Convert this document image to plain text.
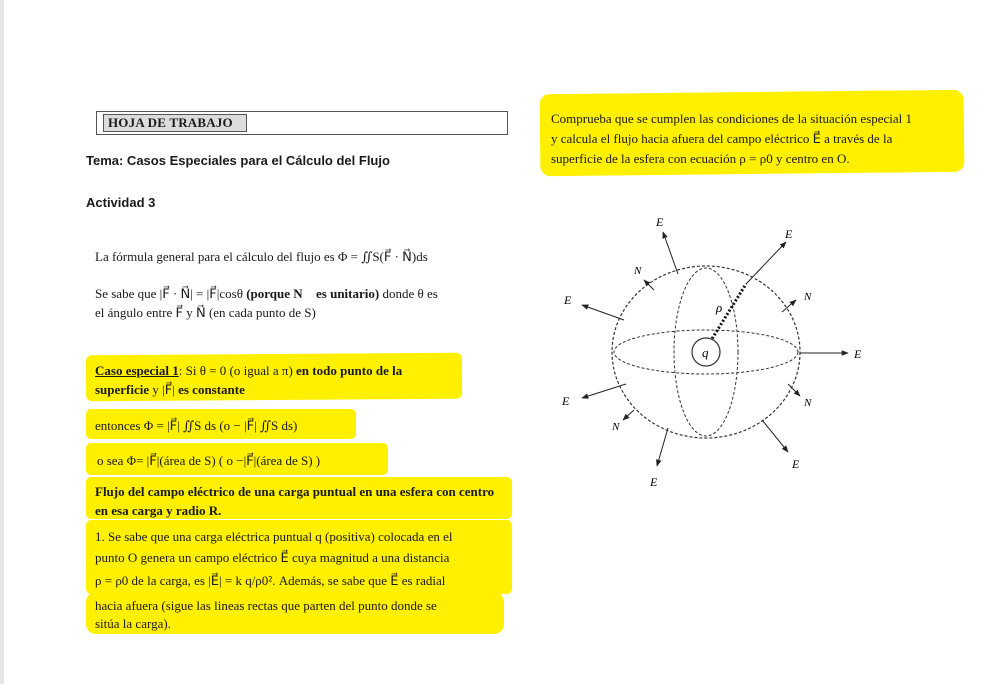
HOJA DE TRABAJO
Tema: Casos Especiales para el Cálculo del Flujo
Actividad 3
La fórmula general para el cálculo del flujo es Φ = ∬S(F⃗ · N⃗)ds
Se sabe que |F⃗ · N⃗| = |F⃗|cosθ (porque N⃗ es unitario) donde θ es
el ángulo entre F⃗ y N⃗ (en cada punto de S)
Caso especial 1: Si θ = 0 (o igual a π) en todo punto de la
superficie y |F⃗| es constante
entonces Φ = |F⃗| ∬S ds (o − |F⃗| ∬S ds)
o sea Φ= |F⃗|(área de S) ( o −|F⃗|(área de S) )
Flujo del campo eléctrico de una carga puntual en una esfera con centro en esa carga y radio R.
1. Se sabe que una carga eléctrica puntual q (positiva) colocada en el
punto O genera un campo eléctrico E⃗ cuya magnitud a una distancia
ρ = ρ0 de la carga, es |E⃗| = k q/ρ0². Además, se sabe que E⃗ es radial
hacia afuera (sigue las lineas rectas que parten del punto donde se
sitúa la carga).
Comprueba que se cumplen las condiciones de la situación especial 1
y calcula el flujo hacia afuera del campo eléctrico E⃗ a través de la
superficie de la esfera con ecuación ρ = ρ0 y centro en O.
E⃗
E⃗
N⃗
N⃗
E⃗	ρ
q	E⃗
E⃗	N⃗
N⃗
E⃗
E⃗
